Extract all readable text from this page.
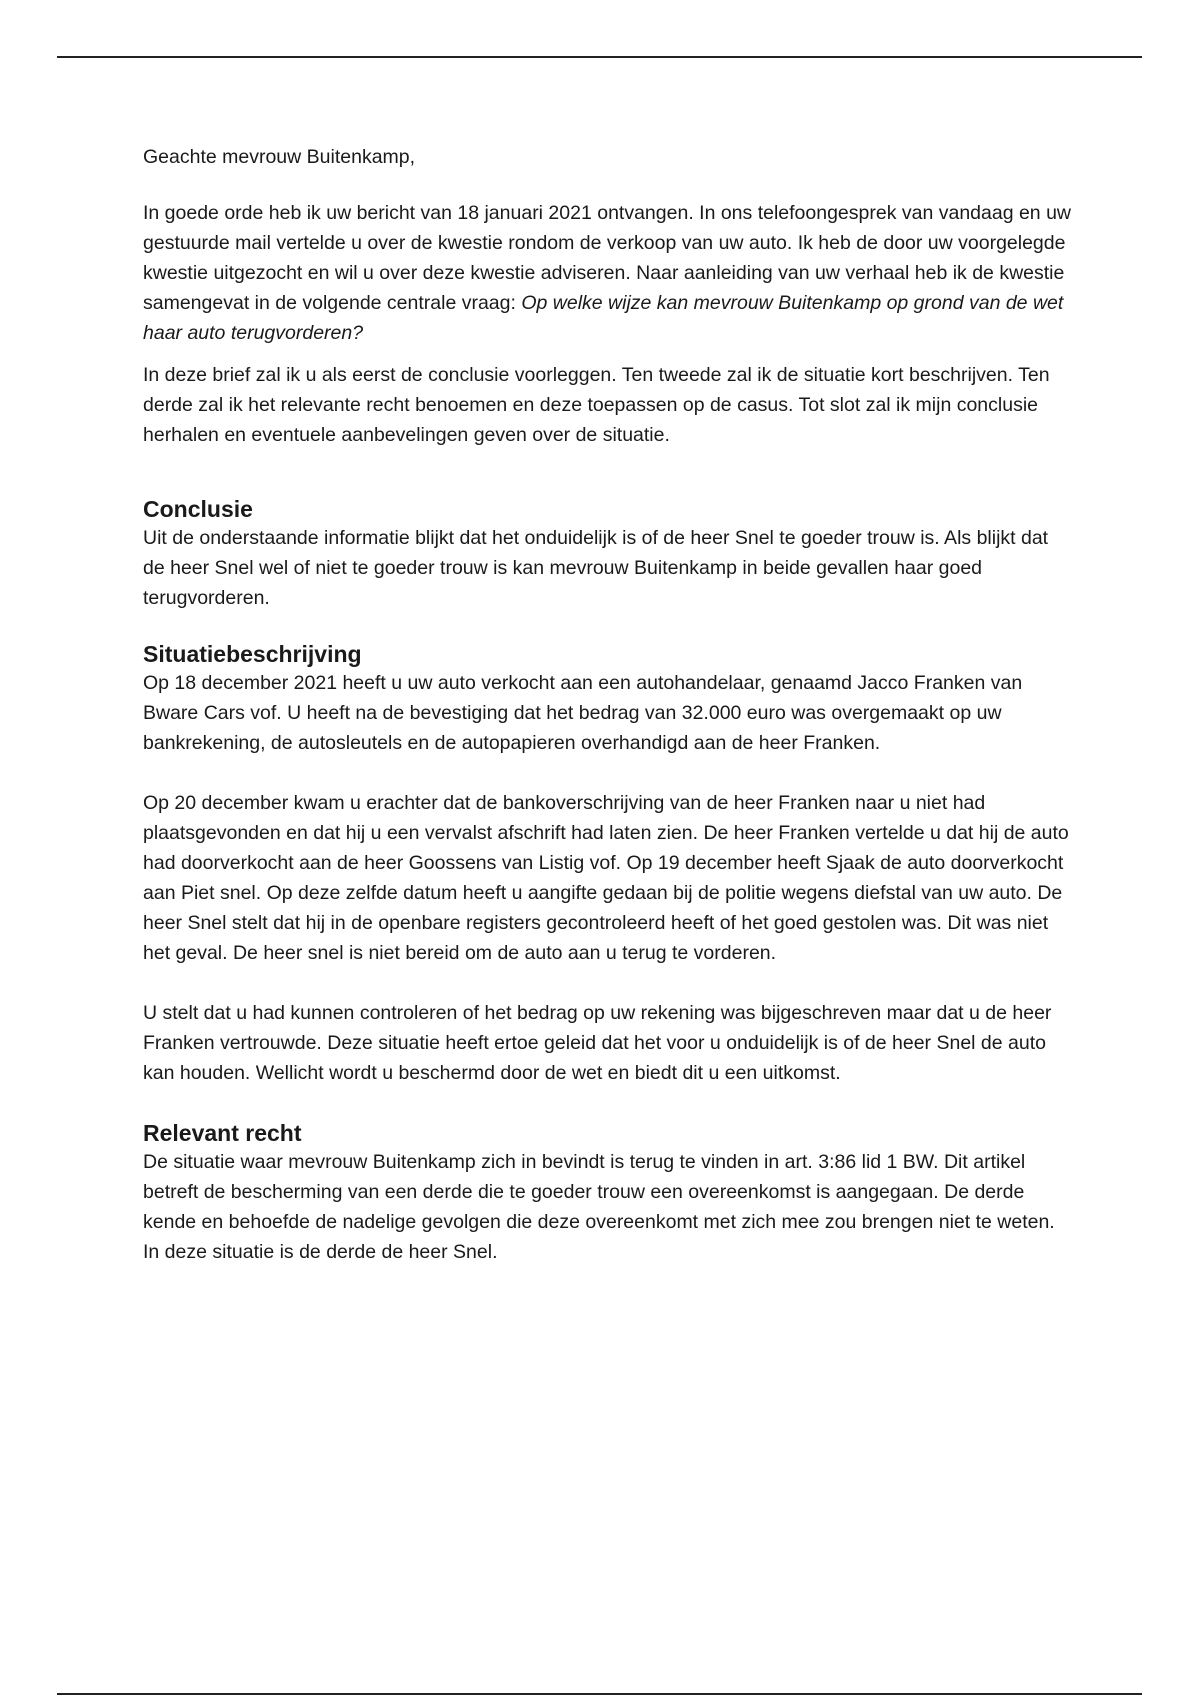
Geachte mevrouw Buitenkamp,

In goede orde heb ik uw bericht van 18 januari 2021 ontvangen. In ons telefoongesprek van vandaag en uw gestuurde mail vertelde u over de kwestie rondom de verkoop van uw auto. Ik heb de door uw voorgelegde kwestie uitgezocht en wil u over deze kwestie adviseren. Naar aanleiding van uw verhaal heb ik de kwestie samengevat in de volgende centrale vraag: Op welke wijze kan mevrouw Buitenkamp op grond van de wet haar auto terugvorderen?

In deze brief zal ik u als eerst de conclusie voorleggen. Ten tweede zal ik de situatie kort beschrijven. Ten derde zal ik het relevante recht benoemen en deze toepassen op de casus. Tot slot zal ik mijn conclusie herhalen en eventuele aanbevelingen geven over de situatie.

Conclusie

Uit de onderstaande informatie blijkt dat het onduidelijk is of de heer Snel te goeder trouw is. Als blijkt dat de heer Snel wel of niet te goeder trouw is kan mevrouw Buitenkamp in beide gevallen haar goed terugvorderen.

Situatiebeschrijving

Op 18 december 2021 heeft u uw auto verkocht aan een autohandelaar, genaamd Jacco Franken van Bware Cars vof. U heeft na de bevestiging dat het bedrag van 32.000 euro was overgemaakt op uw bankrekening, de autosleutels en de autopapieren overhandigd aan de heer Franken.

Op 20 december kwam u erachter dat de bankoverschrijving van de heer Franken naar u niet had plaatsgevonden en dat hij u een vervalst afschrift had laten zien. De heer Franken vertelde u dat hij de auto had doorverkocht aan de heer Goossens van Listig vof. Op 19 december heeft Sjaak de auto doorverkocht aan Piet snel. Op deze zelfde datum heeft u aangifte gedaan bij de politie wegens diefstal van uw auto. De heer Snel stelt dat hij in de openbare registers gecontroleerd heeft of het goed gestolen was. Dit was niet het geval. De heer snel is niet bereid om de auto aan u terug te vorderen.

U stelt dat u had kunnen controleren of het bedrag op uw rekening was bijgeschreven maar dat u de heer Franken vertrouwde. Deze situatie heeft ertoe geleid dat het voor u onduidelijk is of de heer Snel de auto kan houden. Wellicht wordt u beschermd door de wet en biedt dit u een uitkomst.

Relevant recht

De situatie waar mevrouw Buitenkamp zich in bevindt is terug te vinden in art. 3:86 lid 1 BW. Dit artikel betreft de bescherming van een derde die te goeder trouw een overeenkomst is aangegaan. De derde kende en behoefde de nadelige gevolgen die deze overeenkomt met zich mee zou brengen niet te weten. In deze situatie is de derde de heer Snel.
